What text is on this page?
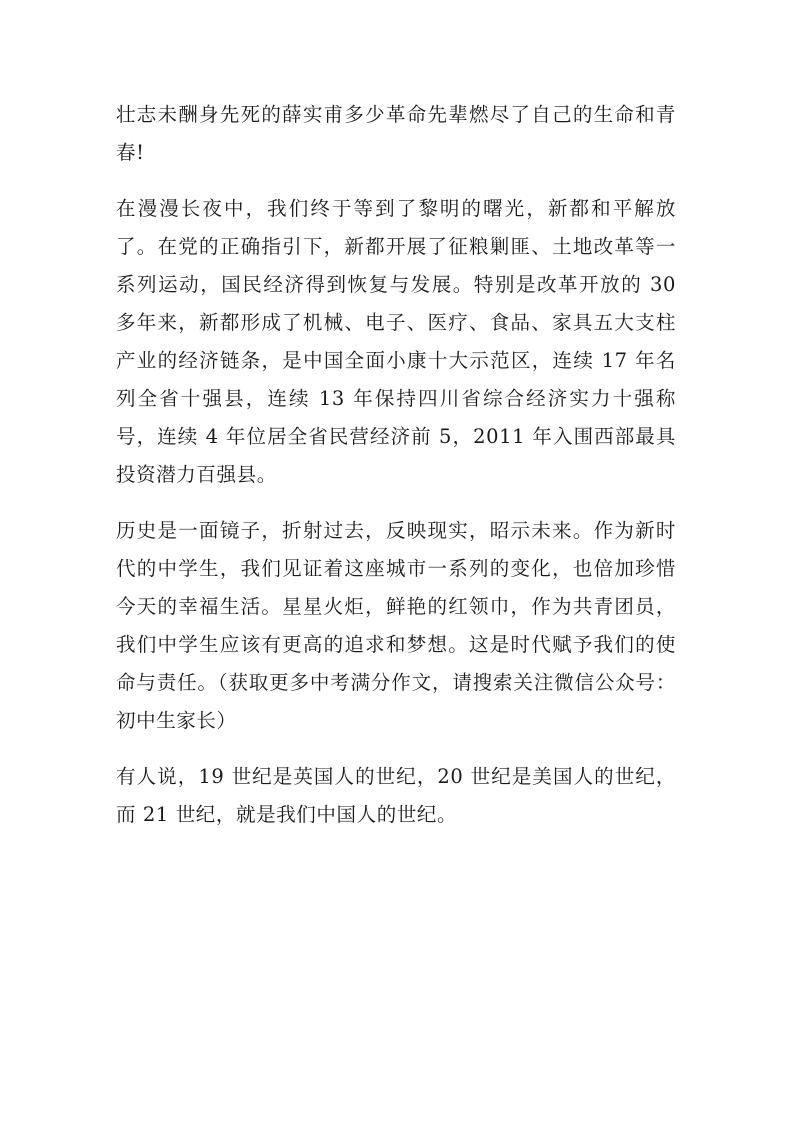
壮志未酬身先死的薛实甫多少革命先辈燃尽了自己的生命和青春!

在漫漫长夜中，我们终于等到了黎明的曙光，新都和平解放了。在党的正确指引下，新都开展了征粮剿匪、土地改革等一系列运动，国民经济得到恢复与发展。特别是改革开放的 30 多年来，新都形成了机械、电子、医疗、食品、家具五大支柱产业的经济链条，是中国全面小康十大示范区，连续 17 年名列全省十强县，连续 13 年保持四川省综合经济实力十强称号，连续 4 年位居全省民营经济前 5，2011 年入围西部最具投资潜力百强县。

历史是一面镜子，折射过去，反映现实，昭示未来。作为新时代的中学生，我们见证着这座城市一系列的变化，也倍加珍惜今天的幸福生活。星星火炬，鲜艳的红领巾，作为共青团员，我们中学生应该有更高的追求和梦想。这是时代赋予我们的使命与责任。（获取更多中考满分作文，请搜索关注微信公众号：初中生家长）

有人说，19 世纪是英国人的世纪，20 世纪是美国人的世纪，而 21 世纪，就是我们中国人的世纪。
